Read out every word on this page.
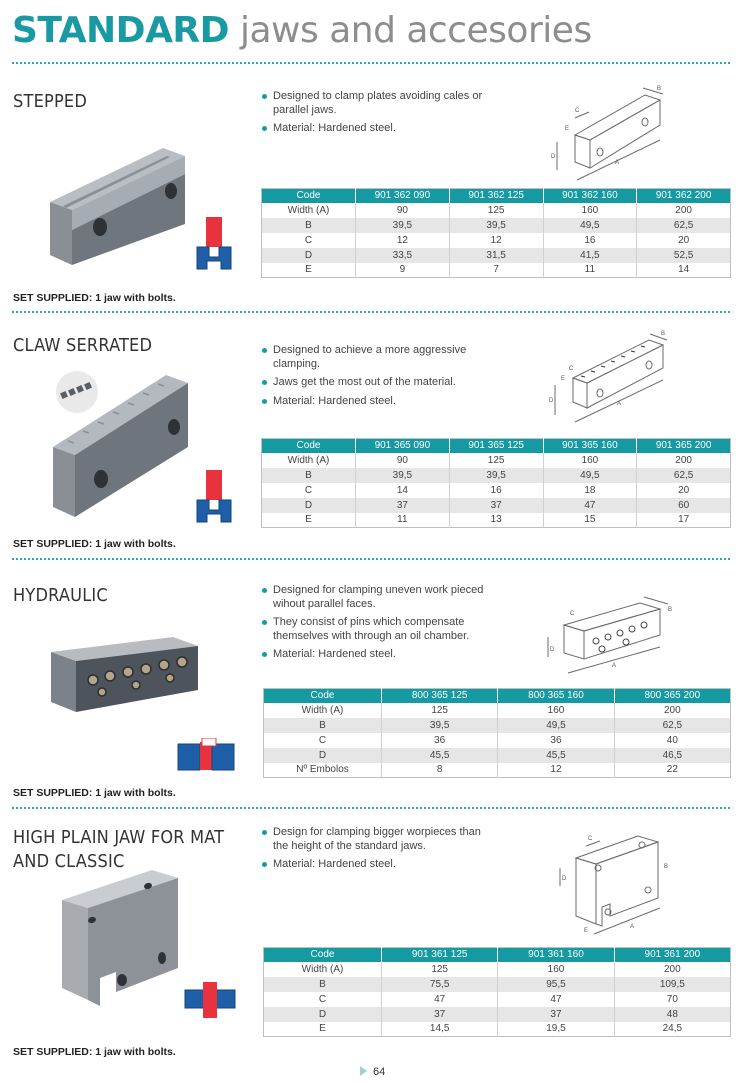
STANDARD jaws and accesories
STEPPED	Designed to clamp plates avoiding cales or parallel jaws.
Material: Hardened steel.
A
B
C
D
E
Code	901 362 090	901 362 125	901 362 160	901 362 200
Width (A)	90	125	160	200
B	39,5	39,5	49,5	62,5
C	12	12	16	20
D	33,5	31,5	41,5	52,5
E	9	7	11	14
SET SUPPLIED: 1 jaw with bolts.
CLAW SERRATED	Designed to achieve a more aggressive clamping.
Jaws get the most out of the material.
Material: Hardened steel.	A
B
C
D
E
Code	901 365 090	901 365 125	901 365 160	901 365 200
Width (A)	90	125	160	200
B	39,5	39,5	49,5	62,5
C	14	16	18	20
D	37	37	47	60
E	11	13	15	17
SET SUPPLIED: 1 jaw with bolts.
HYDRAULIC	Designed for clamping uneven work pieced wihout parallel faces.
They consist of pins which compensate themselves with through an oil chamber.
Material: Hardened steel.
A
B
C
D
Code	800 365 125	800 365 160	800 365 200
Width (A)	125	160	200
B	39,5	49,5	62,5
C	36	36	40
D	45,5	45,5	46,5
Nº Embolos	8	12	22
SET SUPPLIED: 1 jaw with bolts.
HIGH PLAIN JAW FOR MAT
AND CLASSIC
Design for clamping bigger worpieces than the height of the standard jaws.
Material: Hardened steel.
A
B
C
D
E
Code	901 361 125	901 361 160	901 361 200
Width (A)	125	160	200
B	75,5	95,5	109,5
C	47	47	70
D	37	37	48
E	14,5	19,5	24,5
SET SUPPLIED: 1 jaw with bolts.
64
